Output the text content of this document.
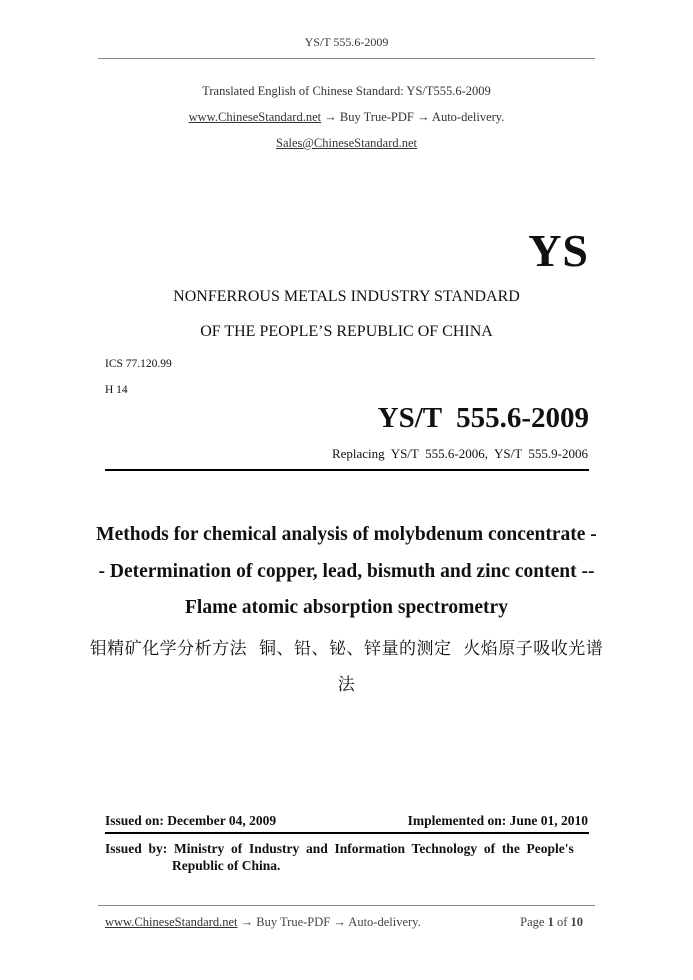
YS/T 555.6-2009
Translated English of Chinese Standard: YS/T555.6-2009
www.ChineseStandard.net → Buy True-PDF → Auto-delivery.
Sales@ChineseStandard.net
YS
NONFERROUS METALS INDUSTRY STANDARD
OF THE PEOPLE’S REPUBLIC OF CHINA
ICS 77.120.99
H 14
YS/T  555.6-2009
Replacing  YS/T  555.6-2006,  YS/T  555.9-2006
Methods for chemical analysis of molybdenum concentrate -
- Determination of copper, lead, bismuth and zinc content --
Flame atomic absorption spectrometry
钼精矿化学分析方法  铜、铅、铋、锌量的测定  火焰原子吸收光谱
法
Issued on: December 04, 2009	Implemented on: June 01, 2010
Issued  by:  Ministry  of  Industry  and  Information  Technology  of  the  People's
Republic of China.
www.ChineseStandard.net → Buy True-PDF → Auto-delivery.	Page 1 of 10
